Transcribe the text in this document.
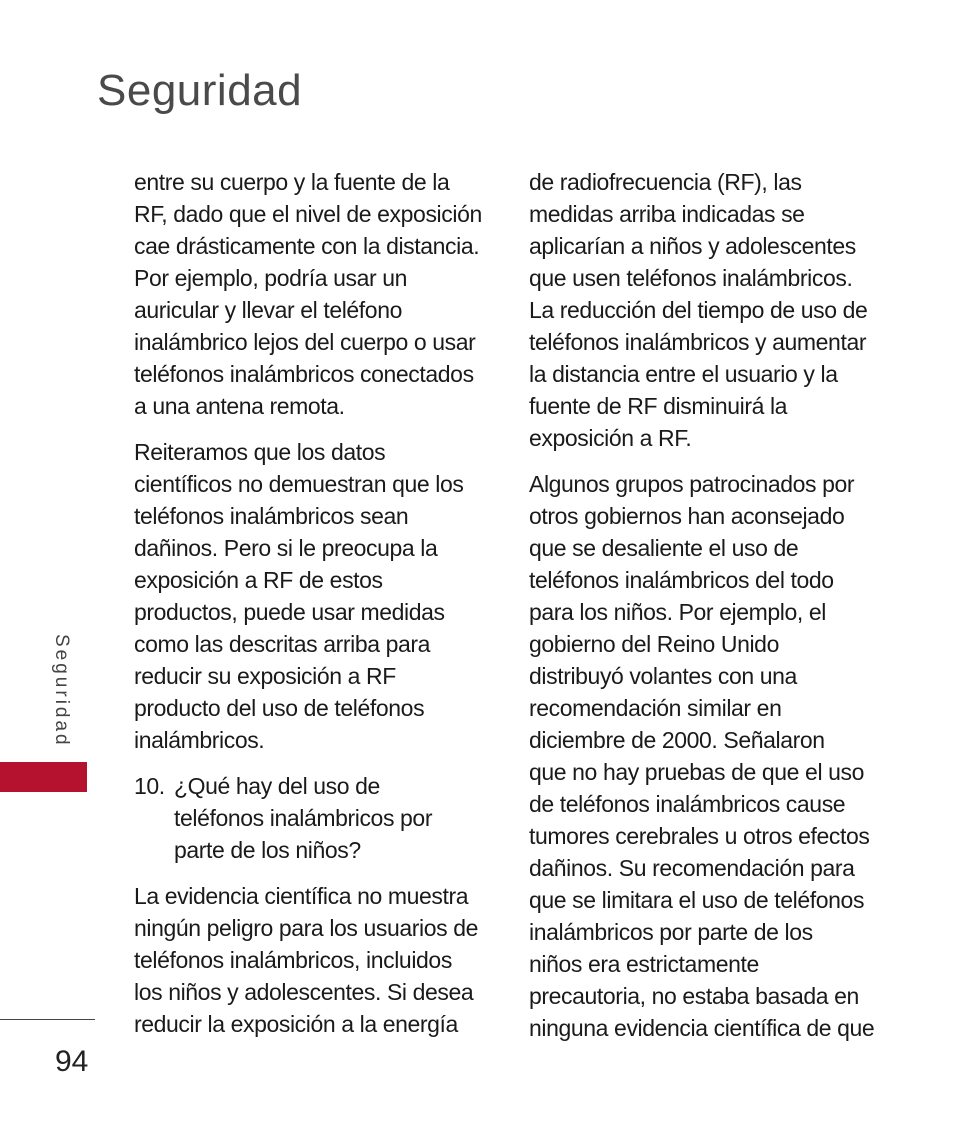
Seguridad

entre su cuerpo y la fuente de la
RF, dado que el nivel de exposición
cae drásticamente con la distancia.
Por ejemplo, podría usar un
auricular y llevar el teléfono
inalámbrico lejos del cuerpo o usar
teléfonos inalámbricos conectados
a una antena remota.

Reiteramos que los datos
científicos no demuestran que los
teléfonos inalámbricos sean
dañinos. Pero si le preocupa la
exposición a RF de estos
productos, puede usar medidas
como las descritas arriba para
reducir su exposición a RF
producto del uso de teléfonos
inalámbricos.

10. ¿Qué hay del uso de
teléfonos inalámbricos por
parte de los niños?

La evidencia científica no muestra
ningún peligro para los usuarios de
teléfonos inalámbricos, incluidos
los niños y adolescentes. Si desea
reducir la exposición a la energía

de radiofrecuencia (RF), las
medidas arriba indicadas se
aplicarían a niños y adolescentes
que usen teléfonos inalámbricos.
La reducción del tiempo de uso de
teléfonos inalámbricos y aumentar
la distancia entre el usuario y la
fuente de RF disminuirá la
exposición a RF.

Algunos grupos patrocinados por
otros gobiernos han aconsejado
que se desaliente el uso de
teléfonos inalámbricos del todo
para los niños. Por ejemplo, el
gobierno del Reino Unido
distribuyó volantes con una
recomendación similar en
diciembre de 2000. Señalaron
que no hay pruebas de que el uso
de teléfonos inalámbricos cause
tumores cerebrales u otros efectos
dañinos. Su recomendación para
que se limitara el uso de teléfonos
inalámbricos por parte de los
niños era estrictamente
precautoria, no estaba basada en
ninguna evidencia científica de que

Seguridad
94
